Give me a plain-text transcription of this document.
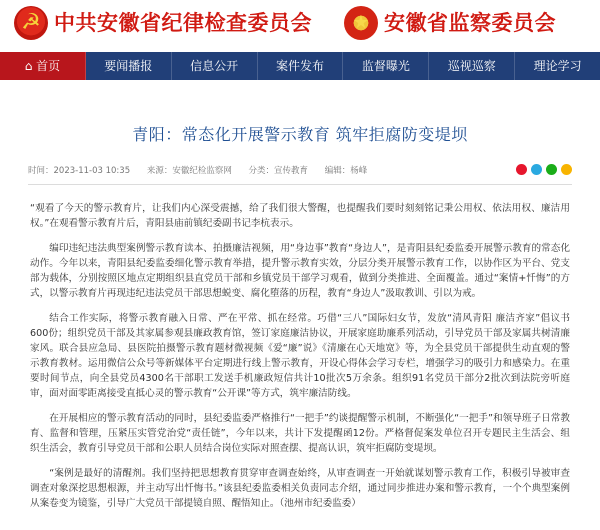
☭
中共安徽省纪律检查委员会
★	安徽省监察委员会
⌂ 首页	要闻播报	信息公开	案件发布	监督曝光	巡视巡察	理论学习
青阳：常态化开展警示教育 筑牢拒腐防变堤坝
时间：2023-11-03 10:35 来源：安徽纪检监察网 分类：宣传教育 编辑：杨峰

“观看了今天的警示教育片，让我们内心深受震撼，给了我们很大警醒，也提醒我们要时刻刻铭记秉公用权、依法用权、廉洁用权。”在观看警示教育片后，青阳县庙前镇纪委副书记李杭表示。

编印违纪违法典型案例警示教育读本、拍摄廉洁视频，用“身边事”教育“身边人”，是青阳县纪委监委开展警示教育的常态化动作。今年以来，青阳县纪委监委细化警示教育举措，提升警示教育实效，分层分类开展警示教育工作，以协作区为平台、党支部为载体，分别按照区地点定期组织县直党员干部和乡镇党员干部学习观看，做到分类推进、全面覆盖。通过“案情+忏悔”的方式，以警示教育片再现违纪违法党员干部思想蜕变、腐化堕落的历程，教育“身边人”汲取教训、引以为戒。

结合工作实际，将警示教育融入日常、严在平常、抓在经常。巧借“三八”国际妇女节，发放“清风青阳 廉洁齐家”倡议书600份；组织党员干部及其家属参观县廉政教育馆，签订家庭廉洁协议，开展家庭助廉系列活动，引导党员干部及家属共树清廉家风。联合县应急局、县医院拍摄警示教育题材微视频《爱“廉”说》《清廉在心天地宽》等，为全县党员干部提供生动直观的警示教育教材。运用微信公众号等新媒体平台定期进行线上警示教育，开设心得体会学习专栏，增强学习的吸引力和感染力。在重要时间节点，向全县党员4300名干部职工发送手机廉政短信共计10批次5万余条。组织91名党员干部分2批次到法院旁听庭审，面对面零距离接受直抵心灵的警示教育“公开课”等方式，筑牢廉洁防线。

在开展相应的警示教育活动的同时，县纪委监委严格推行“一把手”约谈提醒警示机制，不断强化“一把手”和领导班子日常教育、监督和管理，压紧压实管党治党“责任链”，今年以来，共计下发提醒函12份。严格督促案发单位召开专题民主生活会、组织生活会，教育引导党员干部和公职人员结合岗位实际对照查摆、提高认识，筑牢拒腐防变堤坝。

“案例是最好的清醒剂。我们坚持把思想教育贯穿审查调查始终，从审查调查一开始就谋划警示教育工作，积极引导被审查调查对象深挖思想根源，并主动写出忏悔书。”该县纪委监委相关负责同志介绍，通过同步推进办案和警示教育，一个个典型案例从案卷变为镜鉴，引导广大党员干部提镜自照、醒悟知止。（池州市纪委监委）
